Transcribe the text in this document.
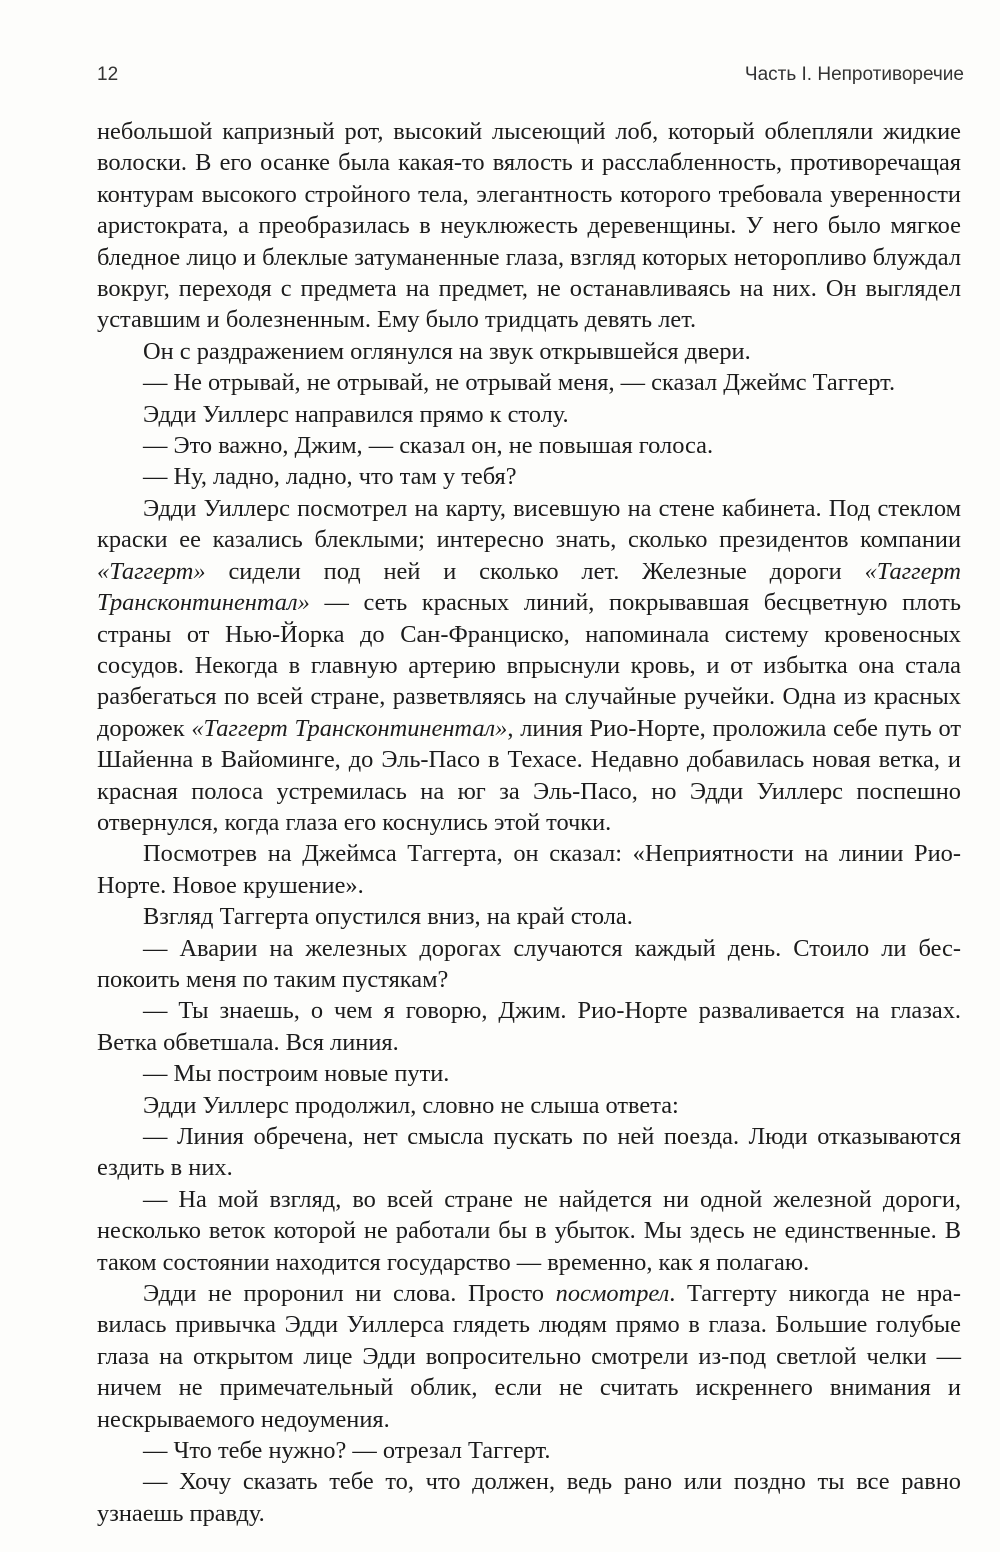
12	Часть I. Непротиворечие

небольшой капризный рот, высокий лысеющий лоб, который облепляли жидкие волоски. В его осанке была какая-то вялость и расслабленность, противоречащая контурам высокого стройного тела, элегантность которого требовала уверенности аристократа, а преобразилась в неуклюжесть деревенщины. У него было мягкое бледное лицо и блеклые затуманенные глаза, взгляд которых неторопливо блуждал вокруг, переходя с предмета на предмет, не останавливаясь на них. Он выглядел уставшим и болезненным. Ему было тридцать девять лет.

Он с раздражением оглянулся на звук открывшейся двери.

— Не отрывай, не отрывай, не отрывай меня, — сказал Джеймс Таггерт.

Эдди Уиллерс направился прямо к столу.

— Это важно, Джим, — сказал он, не повышая голоса.

— Ну, ладно, ладно, что там у тебя?

Эдди Уиллерс посмотрел на карту, висевшую на стене кабинета. Под стеклом краски ее казались блеклыми; интересно знать, сколько президентов компании «Таггерт» сидели под ней и сколько лет. Железные дороги «Таггерт Трансконтинентал» — сеть красных линий, покрывавшая бесцветную плоть страны от Нью-Йорка до Сан-Франциско, напоминала систему кровеносных сосудов. Некогда в главную артерию впрыснули кровь, и от избытка она стала разбегаться по всей стране, разветвляясь на случайные ручейки. Одна из красных дорожек «Таггерт Трансконтинентал», линия Рио-Норте, проложила себе путь от Шайенна в Вайоминге, до Эль-Пасо в Техасе. Недавно добавилась новая ветка, и красная полоса устремилась на юг за Эль-Пасо, но Эдди Уиллерс поспешно отвернулся, когда глаза его коснулись этой точки.

Посмотрев на Джеймса Таггерта, он сказал: «Неприятности на линии Рио-Норте. Новое крушение».

Взгляд Таггерта опустился вниз, на край стола.

— Аварии на железных дорогах случаются каждый день. Стоило ли беспокоить меня по таким пустякам?

— Ты знаешь, о чем я говорю, Джим. Рио-Норте разваливается на глазах. Ветка обветшала. Вся линия.

— Мы построим новые пути.

Эдди Уиллерс продолжил, словно не слыша ответа:

— Линия обречена, нет смысла пускать по ней поезда. Люди отказываются ездить в них.

— На мой взгляд, во всей стране не найдется ни одной железной дороги, несколько веток которой не работали бы в убыток. Мы здесь не единственные. В таком состоянии находится государство — временно, как я полагаю.

Эдди не проронил ни слова. Просто посмотрел. Таггерту никогда не нравилась привычка Эдди Уиллерса глядеть людям прямо в глаза. Большие голубые глаза на открытом лице Эдди вопросительно смотрели из-под светлой челки — ничем не примечательный облик, если не считать искреннего внимания и нескрываемого недоумения.

— Что тебе нужно? — отрезал Таггерт.

— Хочу сказать тебе то, что должен, ведь рано или поздно ты все равно узнаешь правду.
